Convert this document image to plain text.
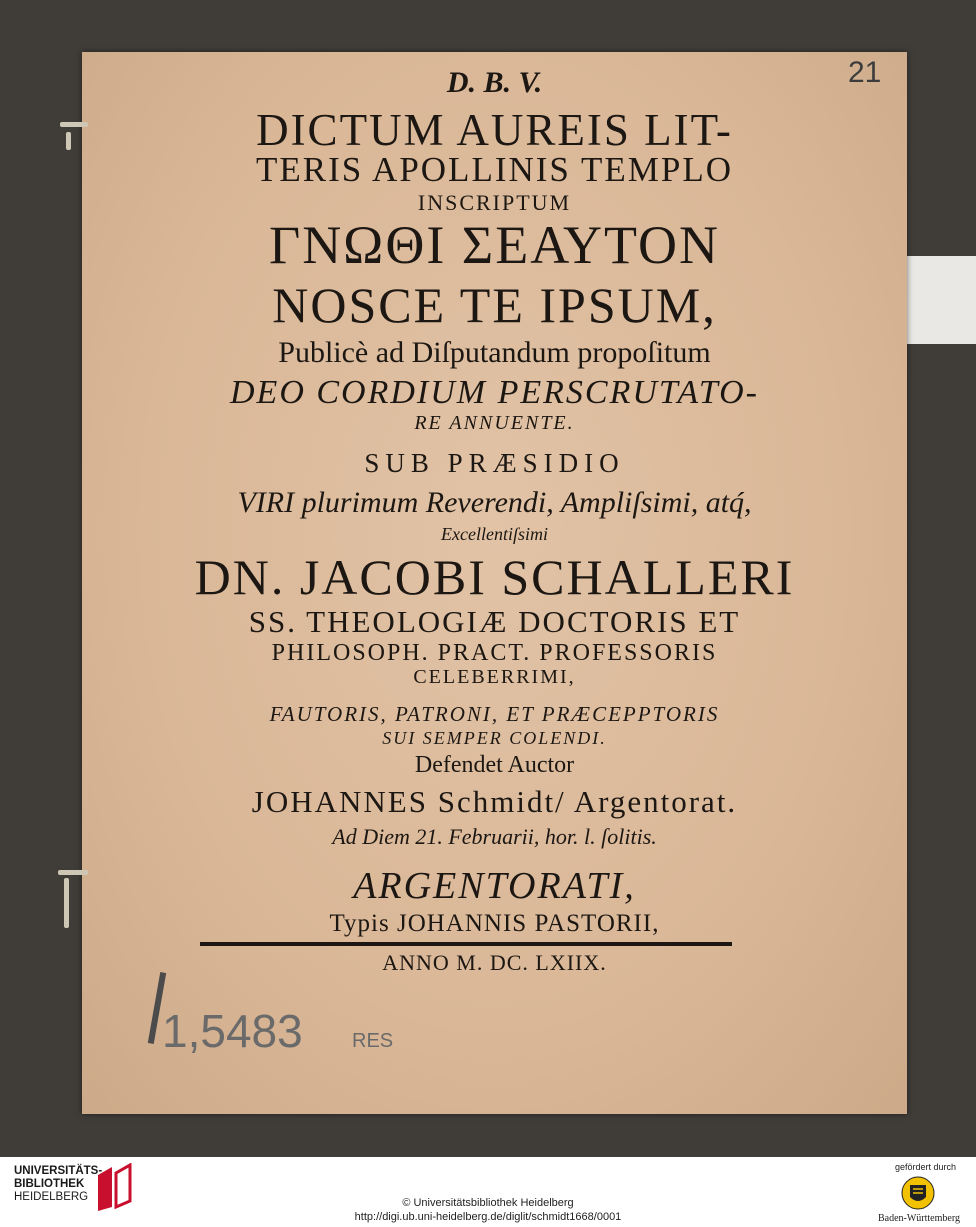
21
D. B. V.
DICTUM AUREIS LIT-
TERIS APOLLINIS TEMPLO
INSCRIPTUM
ΓΝΩΘΙ ΣΕΑΥΤΟΝ
NOSCE TE IPSUM,
Publicè ad Diſputandum propoſitum
DEO CORDIUM PERSCRUTATO-
RE ANNUENTE.
SUB PRÆSIDIO
VIRI plurimum Reverendi, Ampliſsimi, atq́,
Excellentiſsimi
DN. JACOBI SCHALLERI
SS. THEOLOGIÆ DOCTORIS ET
PHILOSOPH. PRACT. PROFESSORIS
CELEBERRIMI,
FAUTORIS, PATRONI, ET PRÆCEPPTORIS
SUI SEMPER COLENDI.
Defendet Auctor
JOHANNES Schmidt/ Argentorat.
Ad Diem 21. Februarii, hor. l. ſolitis.
ARGENTORATI,
Typis JOHANNIS PASTORII,
ANNO M. DC. LXIIX.
1,5483 RES
UNIVERSITÄTS-
BIBLIOTHEK
HEIDELBERG	© Universitätsbibliothek Heidelberg
http://digi.ub.uni-heidelberg.de/diglit/schmidt1668/0001
gefördert durch
Baden-Württemberg
